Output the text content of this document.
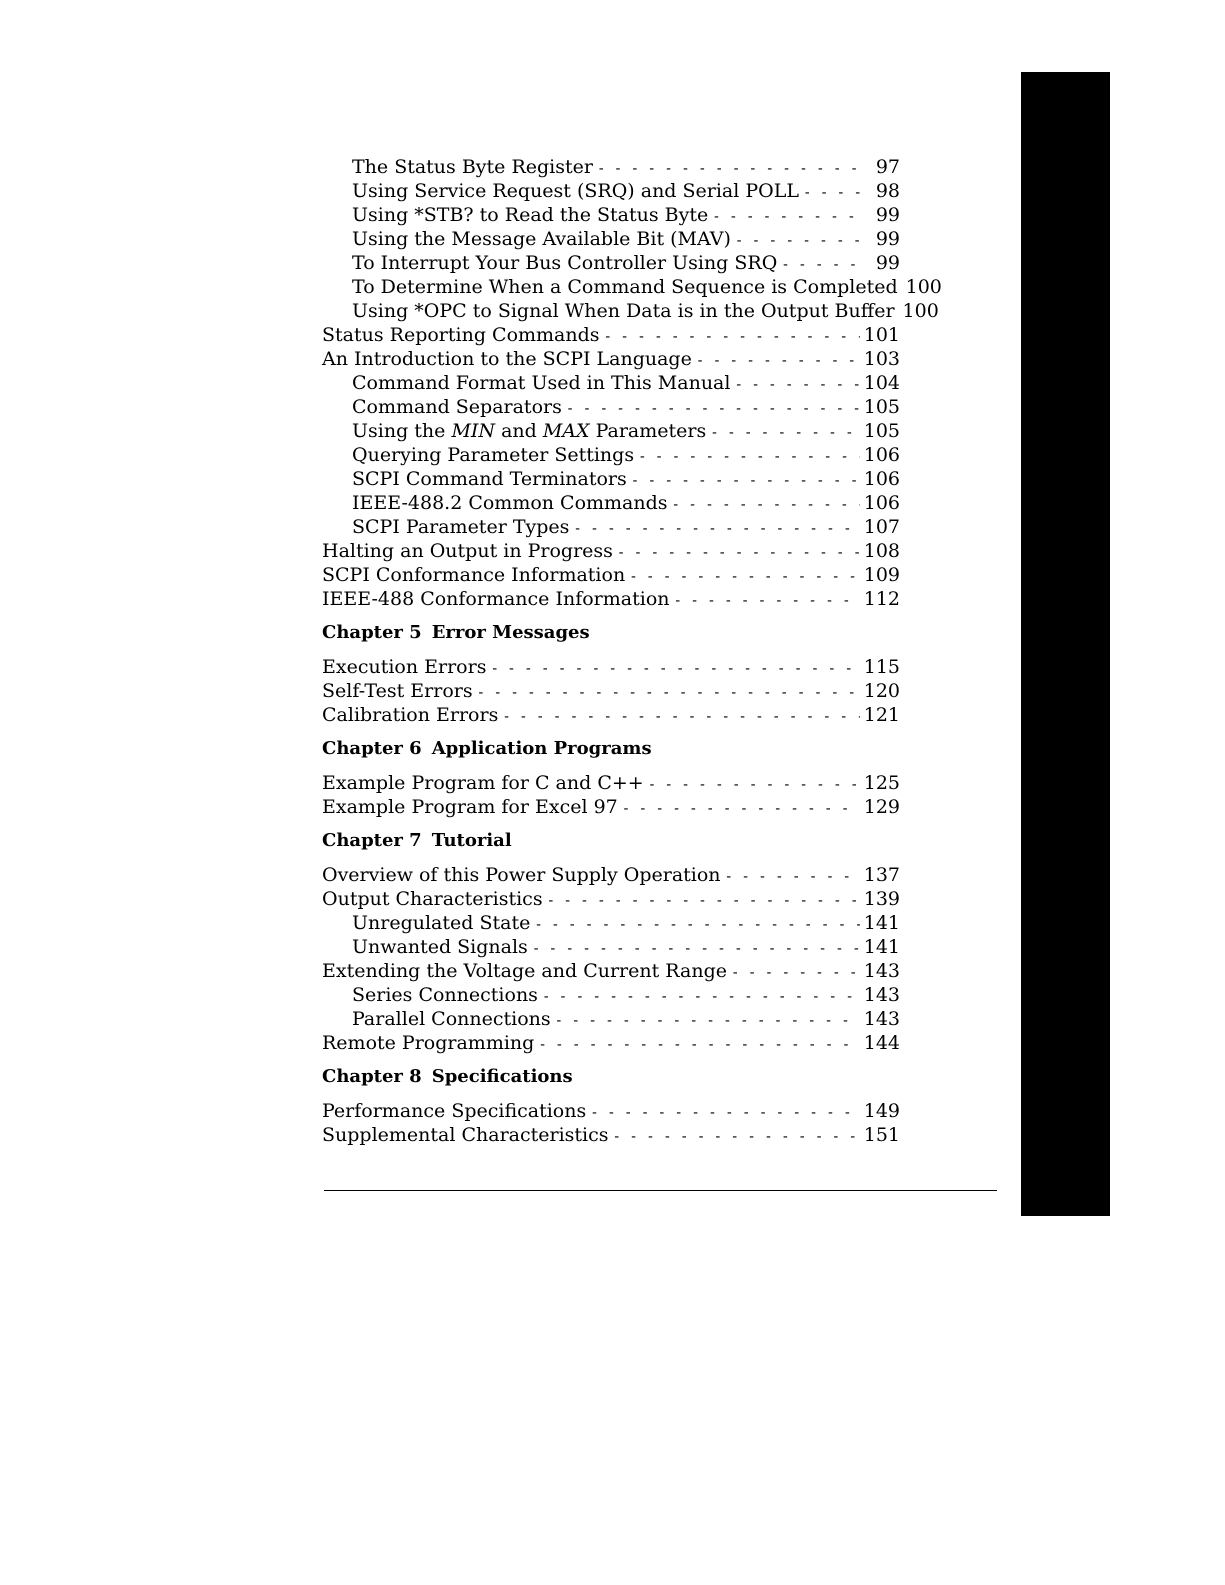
The Status Byte Register - - -	97
Using Service Request (SRQ) and Serial POLL - - -	98
Using *STB? to Read the Status Byte - - -	99
Using the Message Available Bit (MAV) - - -	99
To Interrupt Your Bus Controller Using SRQ - - -	99
To Determine When a Command Sequence is Completed 100
Using *OPC to Signal When Data is in the Output Buffer 100
Status Reporting Commands - - -	101
An Introduction to the SCPI Language - - -	103
Command Format Used in This Manual - - -	104
Command Separators - - -	105
Using the MIN and MAX Parameters - - -	105
Querying Parameter Settings - - -	106
SCPI Command Terminators - - -	106
IEEE-488.2 Common Commands - - -	106
SCPI Parameter Types - - -	107
Halting an Output in Progress - - -	108
SCPI Conformance Information - - -	109
IEEE-488 Conformance Information - - -	112
Chapter 5 Error Messages
Execution Errors - - -	115
Self-Test Errors - - -	120
Calibration Errors - - -	121
Chapter 6 Application Programs
Example Program for C and C++ - - -	125
Example Program for Excel 97 - - -	129
Chapter 7 Tutorial
Overview of this Power Supply Operation - - -	137
Output Characteristics - - -	139
Unregulated State - - -	141
Unwanted Signals - - -	141
Extending the Voltage and Current Range - - -	143
Series Connections - - -	143
Parallel Connections - - -	143
Remote Programming - - -	144
Chapter 8 Specifications
Performance Specifications - - -	149
Supplemental Characteristics - - -	151
